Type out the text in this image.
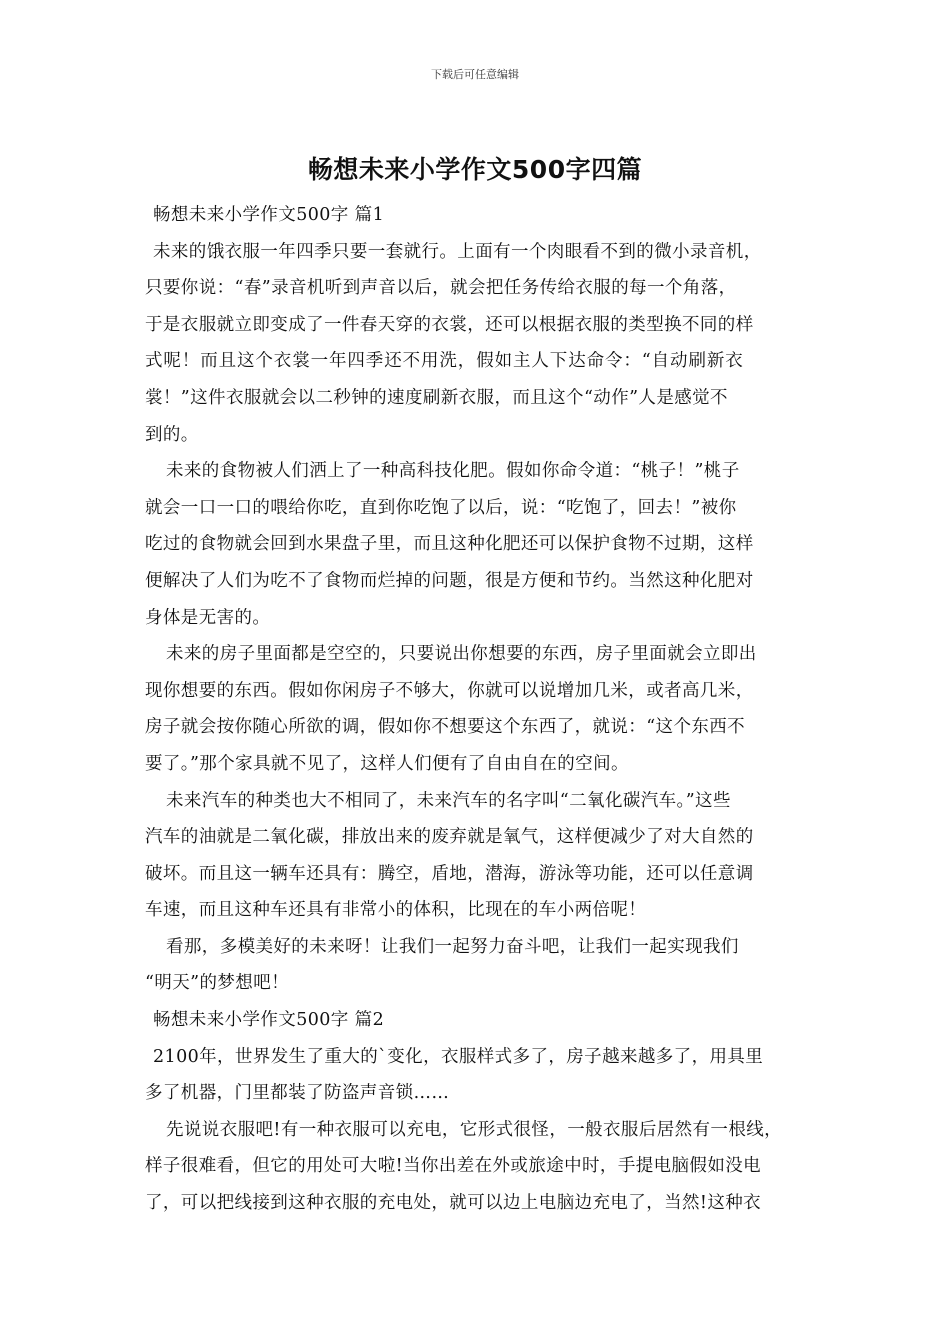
下载后可任意编辑
畅想未来小学作文500字四篇
畅想未来小学作文500字 篇1
未来的饿衣服一年四季只要一套就行。上面有一个肉眼看不到的微小录音机，
只要你说：“春”录音机听到声音以后，就会把任务传给衣服的每一个角落，
于是衣服就立即变成了一件春天穿的衣裳，还可以根据衣服的类型换不同的样
式呢！而且这个衣裳一年四季还不用洗，假如主人下达命令：“自动刷新衣
裳！”这件衣服就会以二秒钟的速度刷新衣服，而且这个“动作”人是感觉不
到的。
未来的食物被人们洒上了一种高科技化肥。假如你命令道：“桃子！”桃子
就会一口一口的喂给你吃，直到你吃饱了以后，说：“吃饱了，回去！”被你
吃过的食物就会回到水果盘子里，而且这种化肥还可以保护食物不过期，这样
便解决了人们为吃不了食物而烂掉的问题，很是方便和节约。当然这种化肥对
身体是无害的。
未来的房子里面都是空空的，只要说出你想要的东西，房子里面就会立即出
现你想要的东西。假如你闲房子不够大，你就可以说增加几米，或者高几米，
房子就会按你随心所欲的调，假如你不想要这个东西了，就说：“这个东西不
要了。”那个家具就不见了，这样人们便有了自由自在的空间。
未来汽车的种类也大不相同了，未来汽车的名字叫“二氧化碳汽车。”这些
汽车的油就是二氧化碳，排放出来的废弃就是氧气，这样便减少了对大自然的
破坏。而且这一辆车还具有：腾空，盾地，潜海，游泳等功能，还可以任意调
车速，而且这种车还具有非常小的体积，比现在的车小两倍呢！
看那，多模美好的未来呀！让我们一起努力奋斗吧，让我们一起实现我们
“明天”的梦想吧！
畅想未来小学作文500字 篇2
2100年，世界发生了重大的`变化，衣服样式多了，房子越来越多了，用具里
多了机器，门里都装了防盗声音锁……
先说说衣服吧!有一种衣服可以充电，它形式很怪，一般衣服后居然有一根线，
样子很难看，但它的用处可大啦!当你出差在外或旅途中时，手提电脑假如没电
了，可以把线接到这种衣服的充电处，就可以边上电脑边充电了，当然!这种衣
